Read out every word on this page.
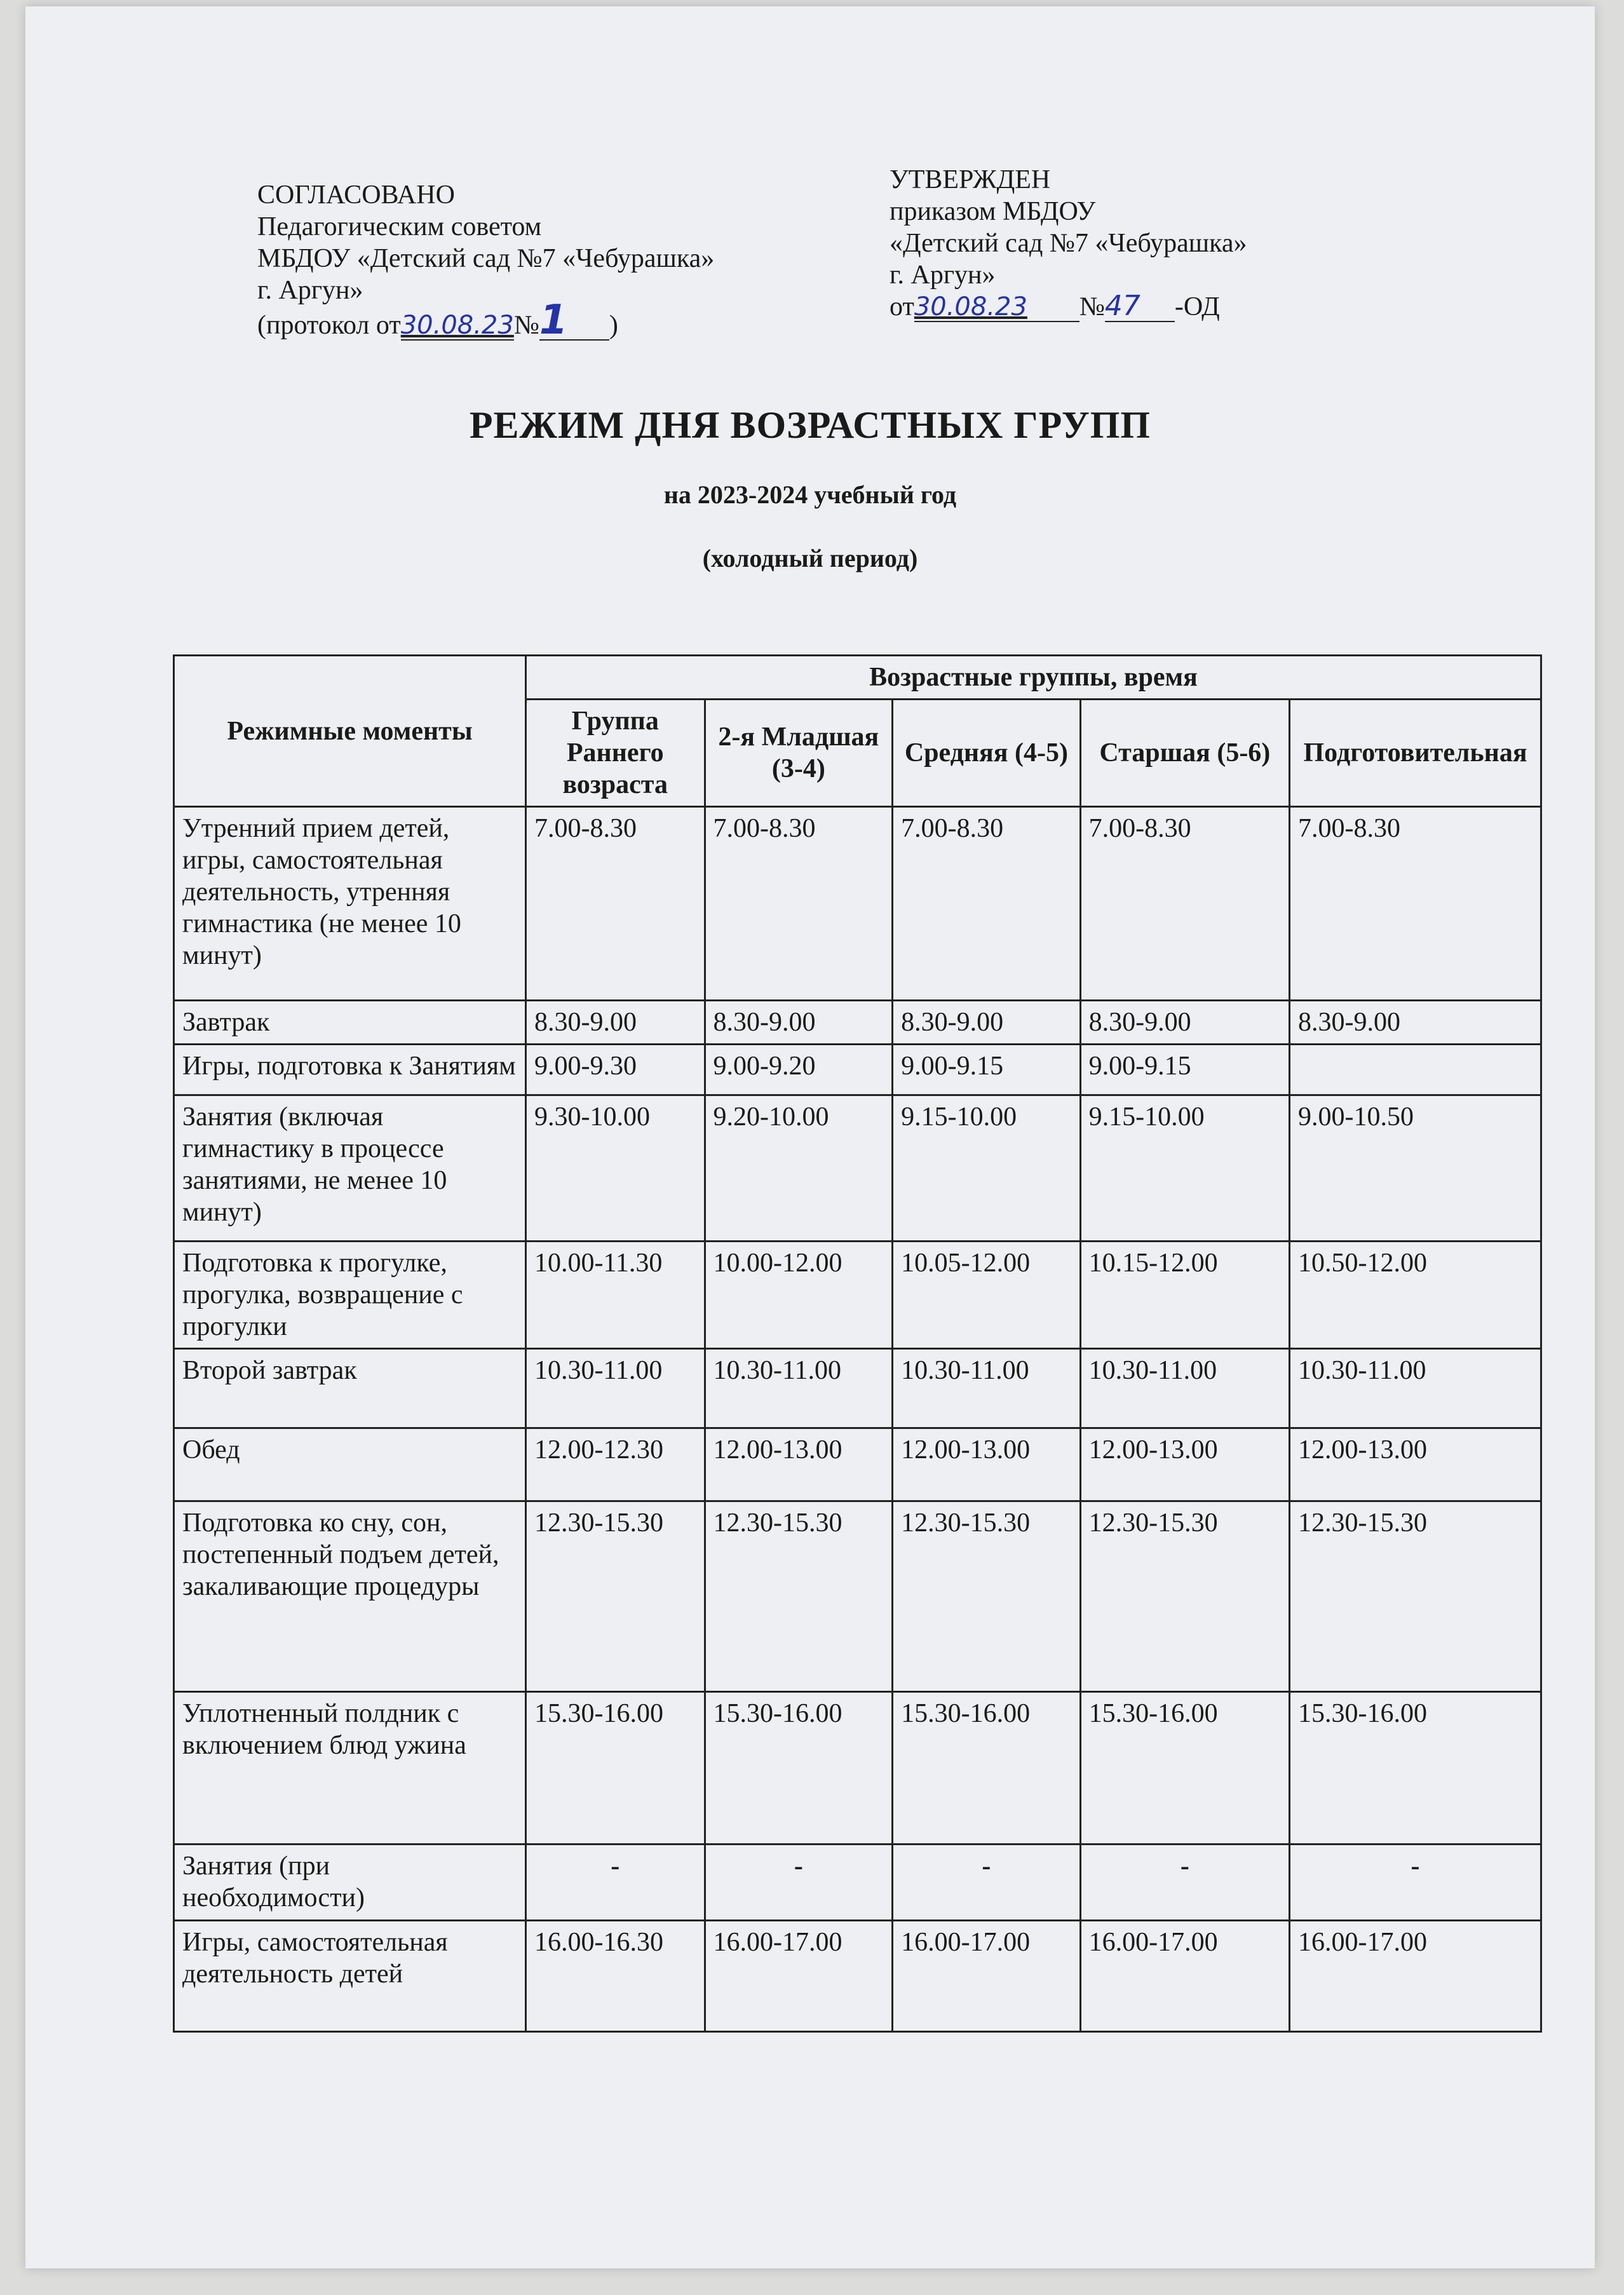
СОГЛАСОВАНО
Педагогическим советом
МБДОУ «Детский сад №7 «Чебурашка»
г. Аргун»
(протокол от30.08.23№1 )
УТВЕРЖДЕН
приказом МБДОУ
«Детский сад №7 «Чебурашка»
г. Аргун»
от30.08.23 №47 -ОД
РЕЖИМ ДНЯ ВОЗРАСТНЫХ ГРУПП
на 2023-2024 учебный год
(холодный период)
Режимные моменты	Возрастные группы, время				
	Группа Раннего возраста	2-я Младшая (3-4)	Средняя (4-5)	Старшая (5-6)	Подготовительная
Утренний прием детей, игры, самостоятельная деятельность, утренняя гимнастика (не менее 10 минут)	7.00-8.30	7.00-8.30	7.00-8.30	7.00-8.30	7.00-8.30
Завтрак	8.30-9.00	8.30-9.00	8.30-9.00	8.30-9.00	8.30-9.00
Игры, подготовка к Занятиям	9.00-9.30	9.00-9.20	9.00-9.15	9.00-9.15	
Занятия (включая гимнастику в процессе занятиями, не менее 10 минут)	9.30-10.00	9.20-10.00	9.15-10.00	9.15-10.00	9.00-10.50
Подготовка к прогулке, прогулка, возвращение с прогулки	10.00-11.30	10.00-12.00	10.05-12.00	10.15-12.00	10.50-12.00
Второй завтрак	10.30-11.00	10.30-11.00	10.30-11.00	10.30-11.00	10.30-11.00
Обед	12.00-12.30	12.00-13.00	12.00-13.00	12.00-13.00	12.00-13.00
Подготовка ко сну, сон, постепенный подъем детей, закаливающие процедуры	12.30-15.30	12.30-15.30	12.30-15.30	12.30-15.30	12.30-15.30
Уплотненный полдник с включением блюд ужина	15.30-16.00	15.30-16.00	15.30-16.00	15.30-16.00	15.30-16.00
Занятия (при необходимости)	-	-	-	-	-
Игры, самостоятельная деятельность детей	16.00-16.30	16.00-17.00	16.00-17.00	16.00-17.00	16.00-17.00
